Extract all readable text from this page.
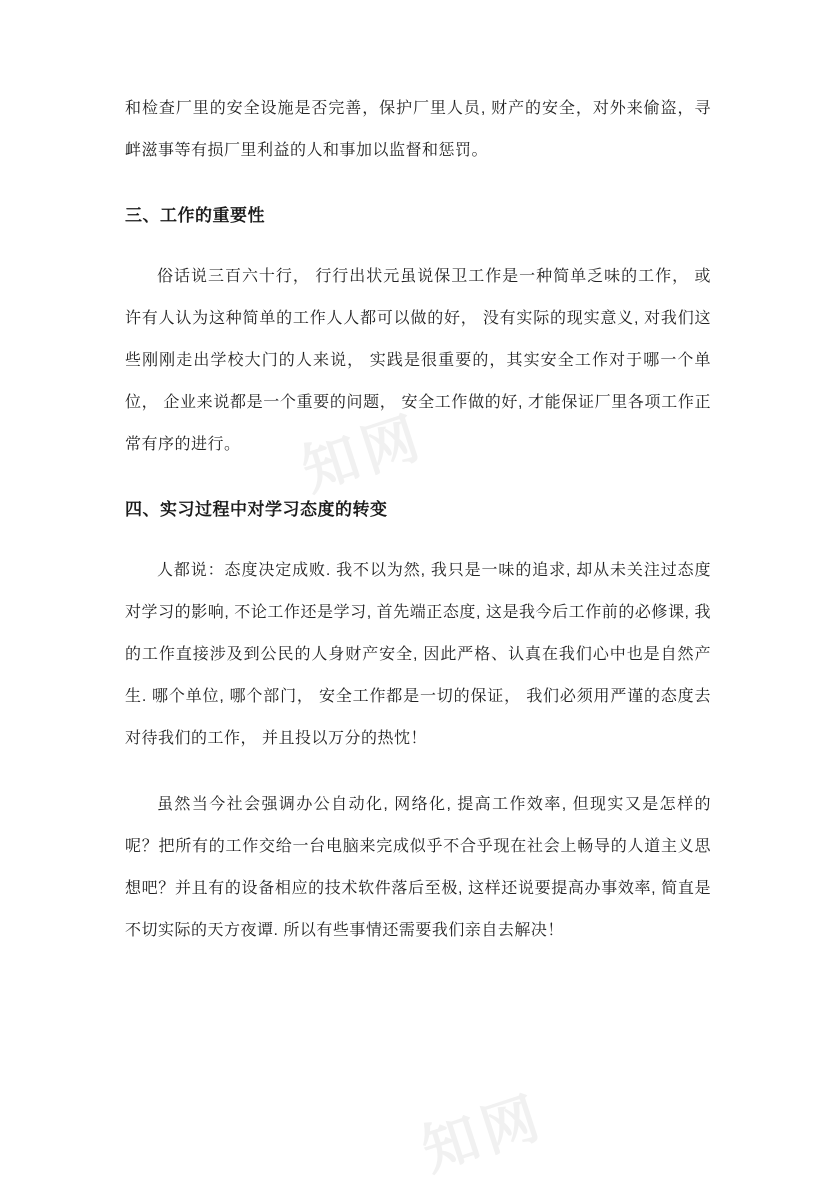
知网
知网

和检查厂里的安全设施是否完善，保护厂里人员, 财产的安全，对外来偷盗，寻衅滋事等有损厂里利益的人和事加以监督和惩罚。

三、工作的重要性

俗话说三百六十行， 行行出状元虽说保卫工作是一种简单乏味的工作， 或许有人认为这种简单的工作人人都可以做的好， 没有实际的现实意义, 对我们这些刚刚走出学校大门的人来说， 实践是很重要的，其实安全工作对于哪一个单位， 企业来说都是一个重要的问题， 安全工作做的好, 才能保证厂里各项工作正常有序的进行。

四、实习过程中对学习态度的转变

人都说：态度决定成败. 我不以为然, 我只是一味的追求, 却从未关注过态度对学习的影响, 不论工作还是学习, 首先端正态度, 这是我今后工作前的必修课, 我的工作直接涉及到公民的人身财产安全, 因此严格、认真在我们心中也是自然产生. 哪个单位, 哪个部门， 安全工作都是一切的保证， 我们必须用严谨的态度去对待我们的工作， 并且投以万分的热忱！

虽然当今社会强调办公自动化, 网络化, 提高工作效率, 但现实又是怎样的呢？把所有的工作交给一台电脑来完成似乎不合乎现在社会上畅导的人道主义思想吧？并且有的设备相应的技术软件落后至极, 这样还说要提高办事效率, 简直是不切实际的天方夜谭. 所以有些事情还需要我们亲自去解决！
